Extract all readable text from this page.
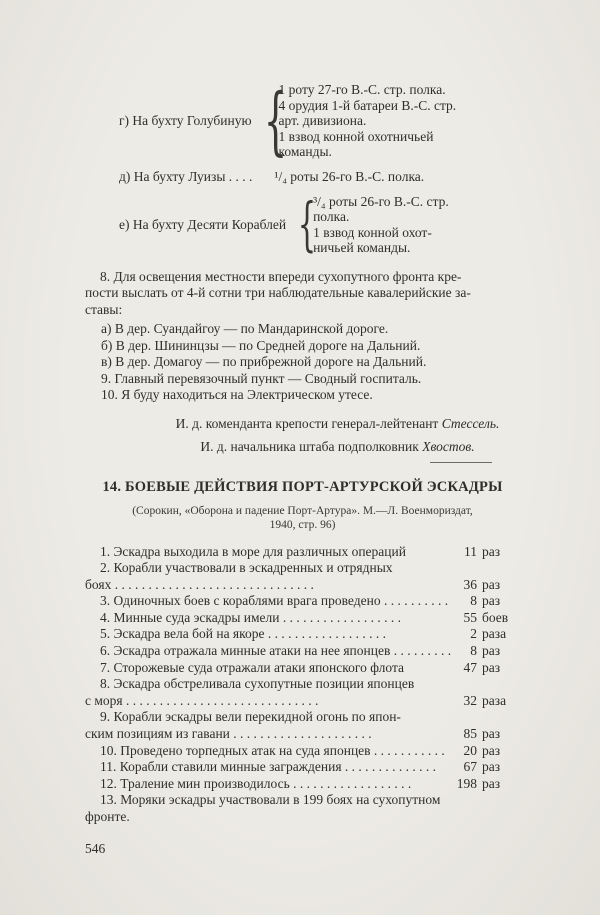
г) На бухту Голубиную {
1 роту 27-го В.-С. стр. полка.
4 орудия 1-й батареи В.-С. стр.
арт. дивизиона.
1 взвод конной охотничьей
команды.
д) На бухту Луизы . . . .	¹/₄ роты 26-го В.-С. полка.
е) На бухту Десяти Кораблей {
³/₄ роты 26-го В.-С. стр.
полка.
1 взвод конной охот-
ничьей команды.
8. Для освещения местности впереди сухопутного фронта кре-
пости выслать от 4-й сотни три наблюдательные кавалерийские за-
ставы:
а) В дер. Суандайгоу — по Мандаринской дороге.
б) В дер. Шининцзы — по Средней дороге на Дальний.
в) В дер. Домагоу — по прибрежной дороге на Дальний.
9. Главный перевязочный пункт — Сводный госпиталь.
10. Я буду находиться на Электрическом утесе.
И. д. коменданта крепости генерал-лейтенант Стессель.
И. д. начальника штаба подполковник Хвостов.
14. БОЕВЫЕ ДЕЙСТВИЯ ПОРТ-АРТУРСКОЙ ЭСКАДРЫ
(Сорокин, «Оборона и падение Порт-Артура». М.—Л. Военмориздат,
1940, стр. 96)
1. Эскадра выходила в море для различных операций	11 раз
2. Корабли участвовали в эскадренных и отрядных
боях . . . . . . . . . . . . . . . . . . . . . . . . . . . . . .	36 раз
3. Одиночных боев с кораблями врага проведено . . . . . . . . . .	8 раз
4. Минные суда эскадры имели . . . . . . . . . . . . . . . . . .	55 боев
5. Эскадра вела бой на якоре . . . . . . . . . . . . . . . . . .	2 раза
6. Эскадра отражала минные атаки на нее японцев . . . . . . . . .	8 раз
7. Сторожевые суда отражали атаки японского флота	47 раз
8. Эскадра обстреливала сухопутные позиции японцев
с моря . . . . . . . . . . . . . . . . . . . . . . . . . . . . .	32 раза
9. Корабли эскадры вели перекидной огонь по япон-
ским позициям из гавани . . . . . . . . . . . . . . . . . . . . .	85 раз
10. Проведено торпедных атак на суда японцев . . . . . . . . . . .	20 раз
11. Корабли ставили минные заграждения . . . . . . . . . . . . . .	67 раз
12. Траление мин производилось . . . . . . . . . . . . . . . . . .	198 раз
13. Моряки эскадры участвовали в 199 боях на сухопутном
фронте.
546
